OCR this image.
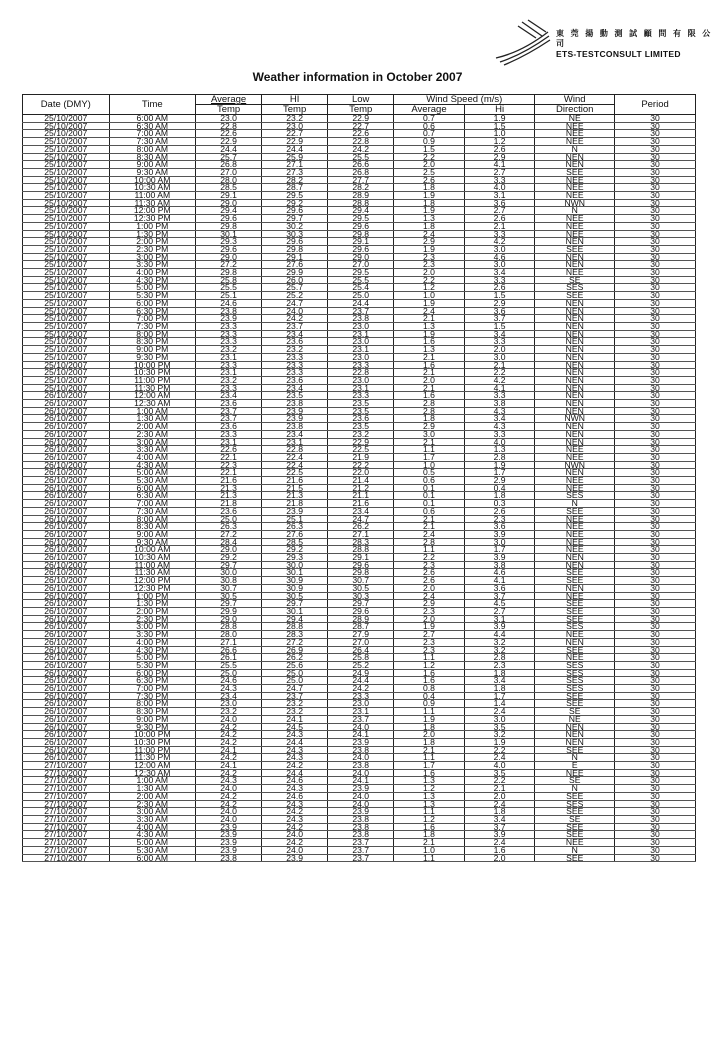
東 莞 揚 動 測 試 顧 問 有 限 公 司
ETS-TESTCONSULT LIMITED
Weather information in October 2007
Date (DMY)	Time	Average	HI	Low	Wind Speed (m/s)		Wind	Period
		Temp	Temp	Temp	Average	Hi	Direction	
25/10/2007	6:00 AM	23.0	23.2	22.9	0.7	1.9	NE	30
25/10/2007	6:30 AM	22.8	23.0	22.7	0.6	1.5	NEE	30
25/10/2007	7:00 AM	22.6	22.7	22.6	0.7	1.0	NEE	30
25/10/2007	7:30 AM	22.9	22.9	22.8	0.9	1.2	NEE	30
25/10/2007	8:00 AM	24.4	24.4	24.2	1.5	2.6	N	30
25/10/2007	8:30 AM	25.7	25.9	25.5	2.2	2.9	NEN	30
25/10/2007	9:00 AM	26.8	27.1	26.6	2.0	4.1	NEN	30
25/10/2007	9:30 AM	27.0	27.3	26.8	2.5	2.7	SEE	30
25/10/2007	10:00 AM	28.0	28.2	27.7	2.6	3.3	NEE	30
25/10/2007	10:30 AM	28.5	28.7	28.2	1.8	4.0	NEE	30
25/10/2007	11:00 AM	29.1	29.5	28.9	1.9	3.1	NEE	30
25/10/2007	11:30 AM	29.0	29.2	28.8	1.8	3.6	NWN	30
25/10/2007	12:00 PM	29.4	29.6	29.4	1.9	2.7	N	30
25/10/2007	12:30 PM	29.6	29.7	29.5	1.3	2.6	NEE	30
25/10/2007	1:00 PM	29.8	30.2	29.6	1.8	2.1	NEE	30
25/10/2007	1:30 PM	30.1	30.3	29.8	2.4	3.3	NEE	30
25/10/2007	2:00 PM	29.3	29.6	29.1	2.9	4.2	NEN	30
25/10/2007	2:30 PM	29.6	29.8	29.6	1.9	3.0	SEE	30
25/10/2007	3:00 PM	29.0	29.1	29.0	2.3	4.6	NEN	30
25/10/2007	3:30 PM	27.2	27.6	27.0	2.3	3.0	NEN	30
25/10/2007	4:00 PM	29.8	29.9	29.5	2.0	3.4	NEE	30
25/10/2007	4:30 PM	25.8	26.0	25.5	2.2	3.3	SE	30
25/10/2007	5:00 PM	25.5	25.7	25.4	1.2	2.6	SES	30
25/10/2007	5:30 PM	25.1	25.2	25.0	1.0	1.5	SEE	30
25/10/2007	6:00 PM	24.6	24.7	24.4	1.9	2.9	NEN	30
25/10/2007	6:30 PM	23.8	24.0	23.7	2.4	3.6	NEN	30
25/10/2007	7:00 PM	23.9	24.2	23.8	2.1	3.7	NEN	30
25/10/2007	7:30 PM	23.3	23.7	23.0	1.3	1.5	NEN	30
25/10/2007	8:00 PM	23.3	23.4	23.1	1.9	3.4	NEN	30
25/10/2007	8:30 PM	23.3	23.6	23.0	1.6	3.3	NEN	30
25/10/2007	9:00 PM	23.2	23.2	23.1	1.3	2.0	NEN	30
25/10/2007	9:30 PM	23.1	23.3	23.0	2.1	3.0	NEN	30
25/10/2007	10:00 PM	23.3	23.3	23.3	1.6	2.1	NEN	30
25/10/2007	10:30 PM	23.1	23.3	22.8	2.1	2.2	NEN	30
25/10/2007	11:00 PM	23.2	23.6	23.0	2.0	4.2	NEN	30
25/10/2007	11:30 PM	23.3	23.4	23.1	2.1	4.1	NEN	30
26/10/2007	12:00 AM	23.4	23.5	23.3	1.6	3.3	NEN	30
26/10/2007	12:30 AM	23.6	23.8	23.5	2.8	3.8	NEN	30
26/10/2007	1:00 AM	23.7	23.9	23.5	2.8	4.3	NEN	30
26/10/2007	1:30 AM	23.7	23.9	23.6	1.8	3.4	NWN	30
26/10/2007	2:00 AM	23.6	23.8	23.5	2.9	4.3	NEN	30
26/10/2007	2:30 AM	23.3	23.4	23.2	3.0	3.3	NEN	30
26/10/2007	3:00 AM	23.1	23.1	22.9	2.1	4.0	NEN	30
26/10/2007	3:30 AM	22.6	22.8	22.5	1.1	1.3	NEE	30
26/10/2007	4:00 AM	22.1	22.4	21.9	1.7	2.8	NEE	30
26/10/2007	4:30 AM	22.3	22.4	22.2	1.0	1.9	NWN	30
26/10/2007	5:00 AM	22.1	22.5	22.0	0.5	1.7	NEN	30
26/10/2007	5:30 AM	21.6	21.6	21.4	0.6	2.9	NEE	30
26/10/2007	6:00 AM	21.3	21.5	21.2	0.1	0.4	NEE	30
26/10/2007	6:30 AM	21.3	21.3	21.1	0.1	1.8	SES	30
26/10/2007	7:00 AM	21.8	21.8	21.6	0.1	0.3	N	30
26/10/2007	7:30 AM	23.6	23.9	23.4	0.6	2.6	SEE	30
26/10/2007	8:00 AM	25.0	25.1	24.7	2.1	2.3	NEE	30
26/10/2007	8:30 AM	26.3	26.3	26.2	2.1	3.6	NEE	30
26/10/2007	9:00 AM	27.2	27.6	27.1	2.4	3.9	NEE	30
26/10/2007	9:30 AM	28.4	28.5	28.3	2.8	3.0	NEE	30
26/10/2007	10:00 AM	29.0	29.2	28.8	1.1	1.7	NEE	30
26/10/2007	10:30 AM	29.2	29.3	29.1	2.2	3.9	NEN	30
26/10/2007	11:00 AM	29.7	30.0	29.6	2.3	3.8	NEN	30
26/10/2007	11:30 AM	30.0	30.1	29.8	2.6	4.6	SEE	30
26/10/2007	12:00 PM	30.8	30.9	30.7	2.6	4.1	SEE	30
26/10/2007	12:30 PM	30.7	30.9	30.5	2.0	3.6	NEN	30
26/10/2007	1:00 PM	30.5	30.5	30.3	2.4	3.7	NEE	30
26/10/2007	1:30 PM	29.7	29.7	29.7	2.9	4.5	SEE	30
26/10/2007	2:00 PM	29.9	30.1	29.6	2.3	2.7	SEE	30
26/10/2007	2:30 PM	29.0	29.4	28.9	2.0	3.1	SEE	30
26/10/2007	3:00 PM	28.8	28.8	28.7	1.9	3.9	SES	30
26/10/2007	3:30 PM	28.0	28.3	27.9	2.7	4.4	NEE	30
26/10/2007	4:00 PM	27.1	27.2	27.0	2.3	3.2	NEN	30
26/10/2007	4:30 PM	26.6	26.9	26.4	2.3	3.2	SEE	30
26/10/2007	5:00 PM	26.1	26.2	25.8	1.1	2.8	NEE	30
26/10/2007	5:30 PM	25.5	25.6	25.2	1.2	2.3	SES	30
26/10/2007	6:00 PM	25.0	25.0	24.9	1.6	1.8	SES	30
26/10/2007	6:30 PM	24.6	25.0	24.4	1.6	3.4	SES	30
26/10/2007	7:00 PM	24.3	24.7	24.2	0.8	1.8	SES	30
26/10/2007	7:30 PM	23.4	23.7	23.3	0.4	1.7	SEE	30
26/10/2007	8:00 PM	23.0	23.2	23.0	0.9	1.4	SEE	30
26/10/2007	8:30 PM	23.2	23.2	23.1	1.1	2.4	SE	30
26/10/2007	9:00 PM	24.0	24.1	23.7	1.9	3.0	NE	30
26/10/2007	9:30 PM	24.2	24.5	24.0	1.8	3.5	NEN	30
26/10/2007	10:00 PM	24.2	24.3	24.1	2.0	3.2	NEN	30
26/10/2007	10:30 PM	24.2	24.4	23.9	1.8	1.9	NEN	30
26/10/2007	11:00 PM	24.1	24.3	23.8	2.1	2.2	SEE	30
26/10/2007	11:30 PM	24.2	24.3	24.0	1.1	2.4	N	30
27/10/2007	12:00 AM	24.1	24.2	23.8	1.7	4.0	E	30
27/10/2007	12:30 AM	24.2	24.4	24.0	1.6	3.5	NEE	30
27/10/2007	1:00 AM	24.3	24.6	24.1	1.3	2.2	SE	30
27/10/2007	1:30 AM	24.0	24.3	23.9	1.2	2.1	N	30
27/10/2007	2:00 AM	24.2	24.6	24.0	1.3	2.0	SEE	30
27/10/2007	2:30 AM	24.2	24.3	24.0	1.3	2.4	SES	30
27/10/2007	3:00 AM	24.0	24.2	23.9	1.1	1.8	SEE	30
27/10/2007	3:30 AM	24.0	24.3	23.8	1.2	3.4	SE	30
27/10/2007	4:00 AM	23.9	24.2	23.8	1.6	3.7	SEE	30
27/10/2007	4:30 AM	23.9	24.0	23.8	1.8	3.9	SEE	30
27/10/2007	5:00 AM	23.9	24.2	23.7	2.1	2.4	NEE	30
27/10/2007	5:30 AM	23.9	24.0	23.7	1.0	1.6	N	30
27/10/2007	6:00 AM	23.8	23.9	23.7	1.1	2.0	SEE	30
